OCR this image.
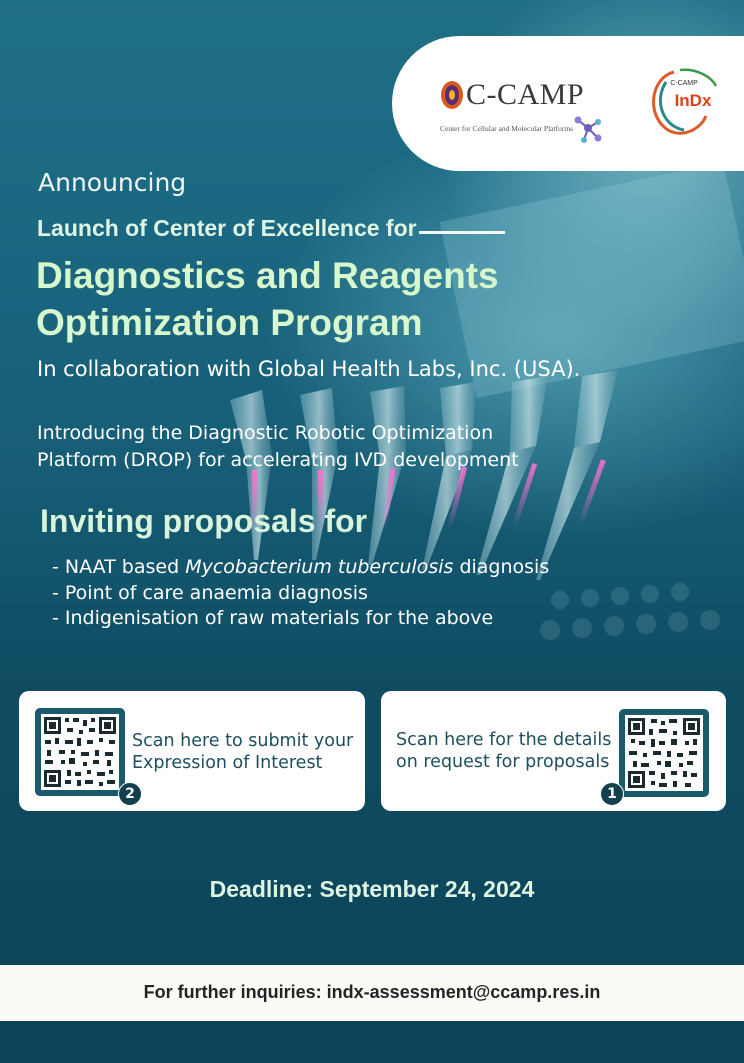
C-CAMP
Center for Cellular and Molecular Platforms
C-CAMP
InDx
Announcing
Launch of Center of Excellence for
Diagnostics and Reagents
Optimization Program
In collaboration with Global Health Labs, Inc. (USA).
Introducing the Diagnostic Robotic Optimization
Platform (DROP) for accelerating IVD development
Inviting proposals for
- NAAT based Mycobacterium tuberculosis diagnosis
- Point of care anaemia diagnosis
- Indigenisation of raw materials for the above
2
Scan here to submit your
Expression of Interest
Scan here for the details
on request for proposals
1
Deadline: September 24, 2024
For further inquiries: indx-assessment@ccamp.res.in
